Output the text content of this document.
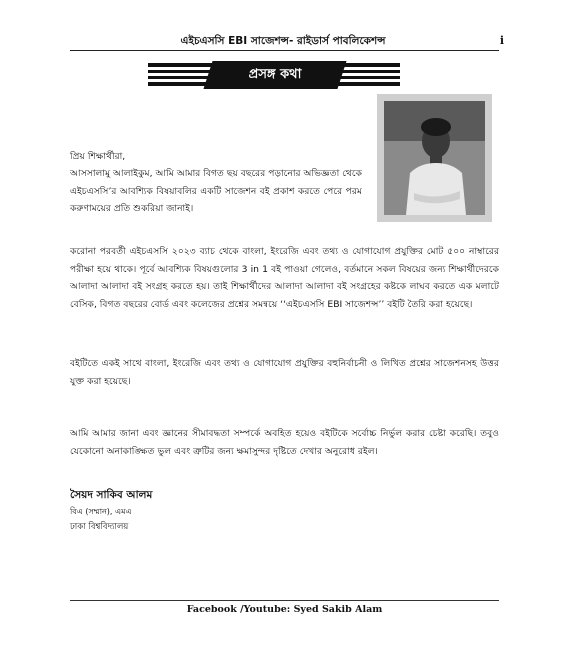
এইচএসসি EBI সাজেশন্স- রাইডার্স পাবলিকেশন্স	i
প্রসঙ্গ কথা
প্রিয় শিক্ষার্থীরা,
আসসালামু আলাইকুম, আমি আমার বিগত ছয় বছরের পড়ানোর অভিজ্ঞতা থেকে এইচএসসি’র আবশ্যিক বিষয়াবলির একটি সাজেশন বই প্রকাশ করতে পেরে পরম করুণাময়ের প্রতি শুকরিয়া জানাই।
করোনা পরবর্তী এইচএসসি ২০২৩ ব্যাচ থেকে বাংলা, ইংরেজি এবং তথ্য ও যোগাযোগ প্রযুক্তির মোট ৫০০ নাম্বারের পরীক্ষা হয়ে থাকে। পূর্বে আবশ্যিক বিষয়গুলোর 3 in 1 বই পাওয়া গেলেও, বর্তমানে সকল বিষয়ের জন্য শিক্ষার্থীদেরকে আলাদা আলাদা বই সংগ্রহ করতে হয়। তাই শিক্ষার্থীদের আলাদা আলাদা বই সংগ্রহের কষ্টকে লাঘব করতে এক মলাটে বেসিক, বিগত বছরের বোর্ড এবং কলেজের প্রশ্নের সমন্বয়ে ‘‘এইচএসসি EBI সাজেশন্স’’ বইটি তৈরি করা হয়েছে।
বইটিতে একই সাথে বাংলা, ইংরেজি এবং তথ্য ও যোগাযোগ প্রযুক্তির বহুনির্বাচনী ও লিখিত প্রশ্নের সাজেশনসহ উত্তর যুক্ত করা হয়েছে।
আমি আমার জানা এবং জ্ঞানের সীমাবদ্ধতা সম্পর্কে অবহিত হয়েও বইটিকে সর্বোচ্চ নির্ভুল করার চেষ্টা করেছি। তবুও যেকোনো অনাকাঙ্ক্ষিত ভুল এবং ত্রুটির জন্য ক্ষমাসুন্দর দৃষ্টিতে দেখার অনুরোধ রইল।
সৈয়দ সাকিব আলম
বিএ (সম্মান), এমএ
ঢাকা বিশ্ববিদ্যালয়
Facebook /Youtube: Syed Sakib Alam
